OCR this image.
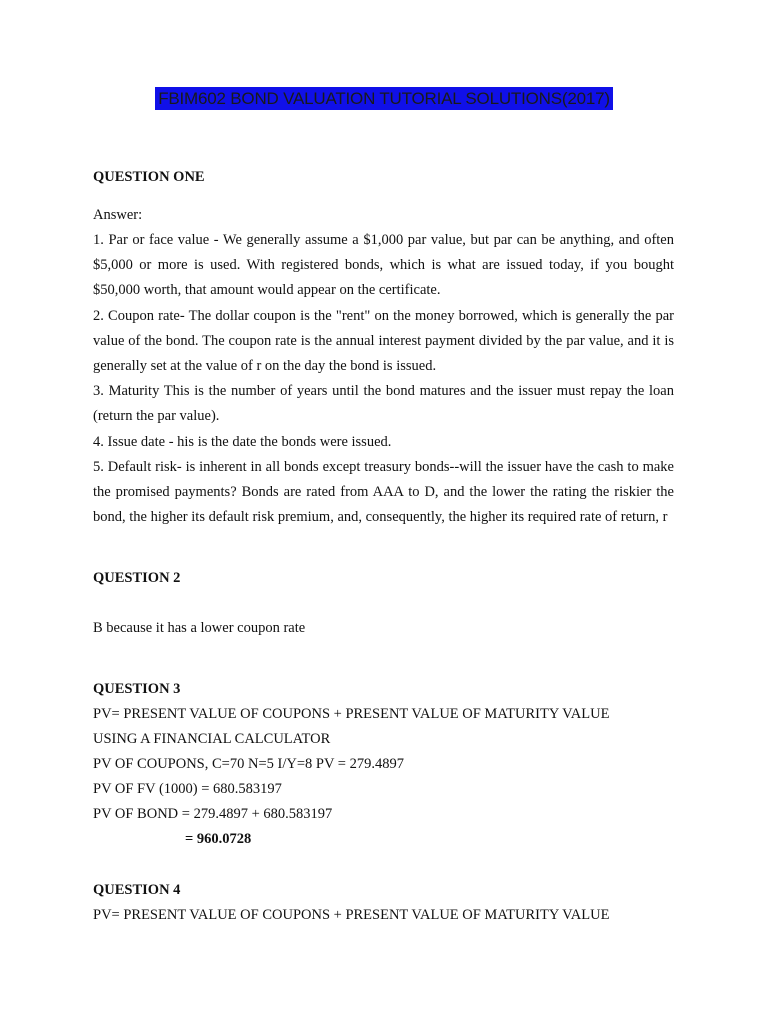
FBIM602 BOND VALUATION TUTORIAL SOLUTIONS(2017)

QUESTION ONE

Answer:

1. Par or face value - We generally assume a $1,000 par value, but par can be anything, and often $5,000 or more is used. With registered bonds, which is what are issued today, if you bought $50,000 worth, that amount would appear on the certificate.

2. Coupon rate- The dollar coupon is the "rent" on the money borrowed, which is generally the par value of the bond. The coupon rate is the annual interest payment divided by the par value, and it is generally set at the value of r on the day the bond is issued.

3. Maturity This is the number of years until the bond matures and the issuer must repay the loan (return the par value).

4. Issue date - his is the date the bonds were issued.

5. Default risk- is inherent in all bonds except treasury bonds--will the issuer have the cash to make the promised payments? Bonds are rated from AAA to D, and the lower the rating the riskier the bond, the higher its default risk premium, and, consequently, the higher its required rate of return, r

QUESTION 2

B because it has a lower coupon rate

QUESTION 3

PV= PRESENT VALUE OF COUPONS + PRESENT VALUE OF MATURITY VALUE

USING A FINANCIAL CALCULATOR

PV OF COUPONS, C=70 N=5 I/Y=8 PV = 279.4897

PV OF FV (1000) = 680.583197

PV OF BOND = 279.4897 + 680.583197

= 960.0728

QUESTION 4

PV= PRESENT VALUE OF COUPONS + PRESENT VALUE OF MATURITY VALUE
